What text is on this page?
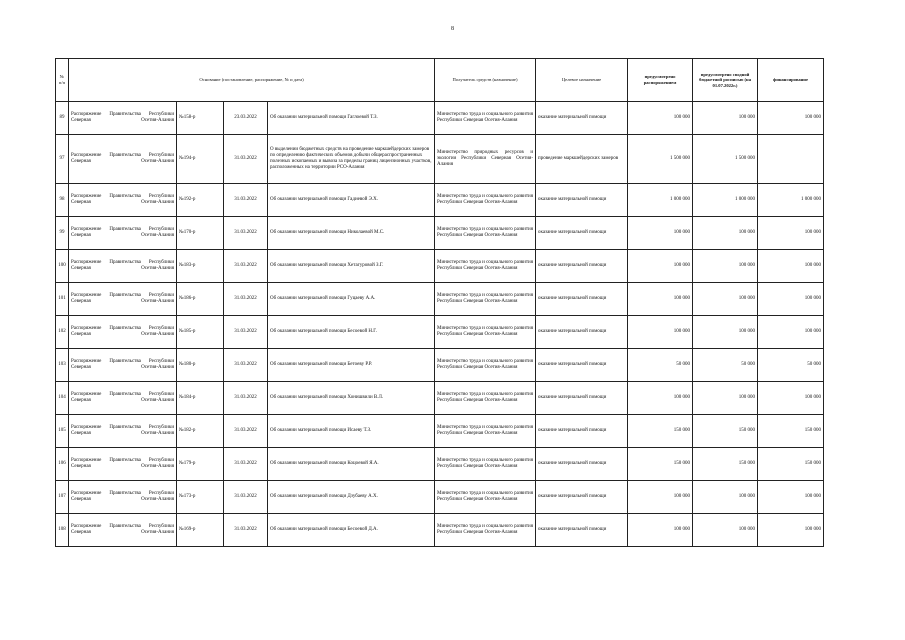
8
№ п/п	Основание (постановление, распоряжение, № и дата)				Получатель средств (назначение)	Целевое назначение	предусмотрено распоряжением	предусмотрено сводной бюджетной росписью (на 01.07.2022г.)	финансирование
89	Распоряжение Правительства Республики Северная Осетия-Алания	№158-р	23.03.2022	Об оказании материальной помощи Гаглоевой Т.З.	Министерство труда и социального развития Республики Северная Осетия-Алания	оказание материальной помощи	100 000	100 000	100 000
97	Распоряжение Правительства Республики Северная Осетия-Алания	№194-р	31.03.2022	О выделении бюджетных средств на проведение маркшейдерских замеров по определению фактических объемов добычи общераспространенных полезных ископаемых и вывоза за пределы границ лицензионных участков, расположенных на территории РСО-Алания	Министерство природных ресурсов и экологии Республики Северная Осетия-Алания	проведение маркшейдерских замеров	1 500 000	1 500 000	
98	Распоряжение Правительства Республики Северная Осетия-Алания	№192-р	31.03.2022	Об оказании материальной помощи Гадиевой Э.Х.	Министерство труда и социального развития Республики Северная Осетия-Алания	оказание материальной помощи	1 000 000	1 000 000	1 000 000
99	Распоряжение Правительства Республики Северная Осетия-Алания	№170-р	31.03.2022	Об оказании материальной помощи Николаевой М.С.	Министерство труда и социального развития Республики Северная Осетия-Алания	оказание материальной помощи	100 000	100 000	100 000
100	Распоряжение Правительства Республики Северная Осетия-Алания	№183-р	31.03.2022	Об оказании материальной помощи Хетагуровой З.Г.	Министерство труда и социального развития Республики Северная Осетия-Алания	оказание материальной помощи	100 000	100 000	100 000
101	Распоряжение Правительства Республики Северная Осетия-Алания	№186-р	31.03.2022	Об оказании материальной помощи Гуцаеву А.А.	Министерство труда и социального развития Республики Северная Осетия-Алания	оказание материальной помощи	100 000	100 000	100 000
102	Распоряжение Правительства Республики Северная Осетия-Алания	№185-р	31.03.2022	Об оказании материальной помощи Бесоевой Н.Г.	Министерство труда и социального развития Республики Северная Осетия-Алания	оказание материальной помощи	100 000	100 000	100 000
103	Распоряжение Правительства Республики Северная Осетия-Алания	№180-р	31.03.2022	Об оказании материальной помощи Бетоеву Р.Р.	Министерство труда и социального развития Республики Северная Осетия-Алания	оказание материальной помощи	50 000	50 000	50 000
104	Распоряжение Правительства Республики Северная Осетия-Алания	№184-р	31.03.2022	Об оказании материальной помощи Хонишвили В.Л.	Министерство труда и социального развития Республики Северная Осетия-Алания	оказание материальной помощи	100 000	100 000	100 000
105	Распоряжение Правительства Республики Северная Осетия-Алания	№182-р	31.03.2022	Об оказании материальной помощи Исаеву Т.З.	Министерство труда и социального развития Республики Северная Осетия-Алания	оказание материальной помощи	150 000	150 000	150 000
106	Распоряжение Правительства Республики Северная Осетия-Алания	№179-р	31.03.2022	Об оказании материальной помощи Коцоевой Я.А.	Министерство труда и социального развития Республики Северная Осетия-Алания	оказание материальной помощи	150 000	150 000	150 000
107	Распоряжение Правительства Республики Северная Осетия-Алания	№173-р	31.03.2022	Об оказании материальной помощи Дзубаеву А.Х.	Министерство труда и социального развития Республики Северная Осетия-Алания	оказание материальной помощи	100 000	100 000	100 000
108	Распоряжение Правительства Республики Северная Осетия-Алания	№169-р	31.03.2022	Об оказании материальной помощи Бесоевой Д.А.	Министерство труда и социального развития Республики Северная Осетия-Алания	оказание материальной помощи	100 000	100 000	100 000
